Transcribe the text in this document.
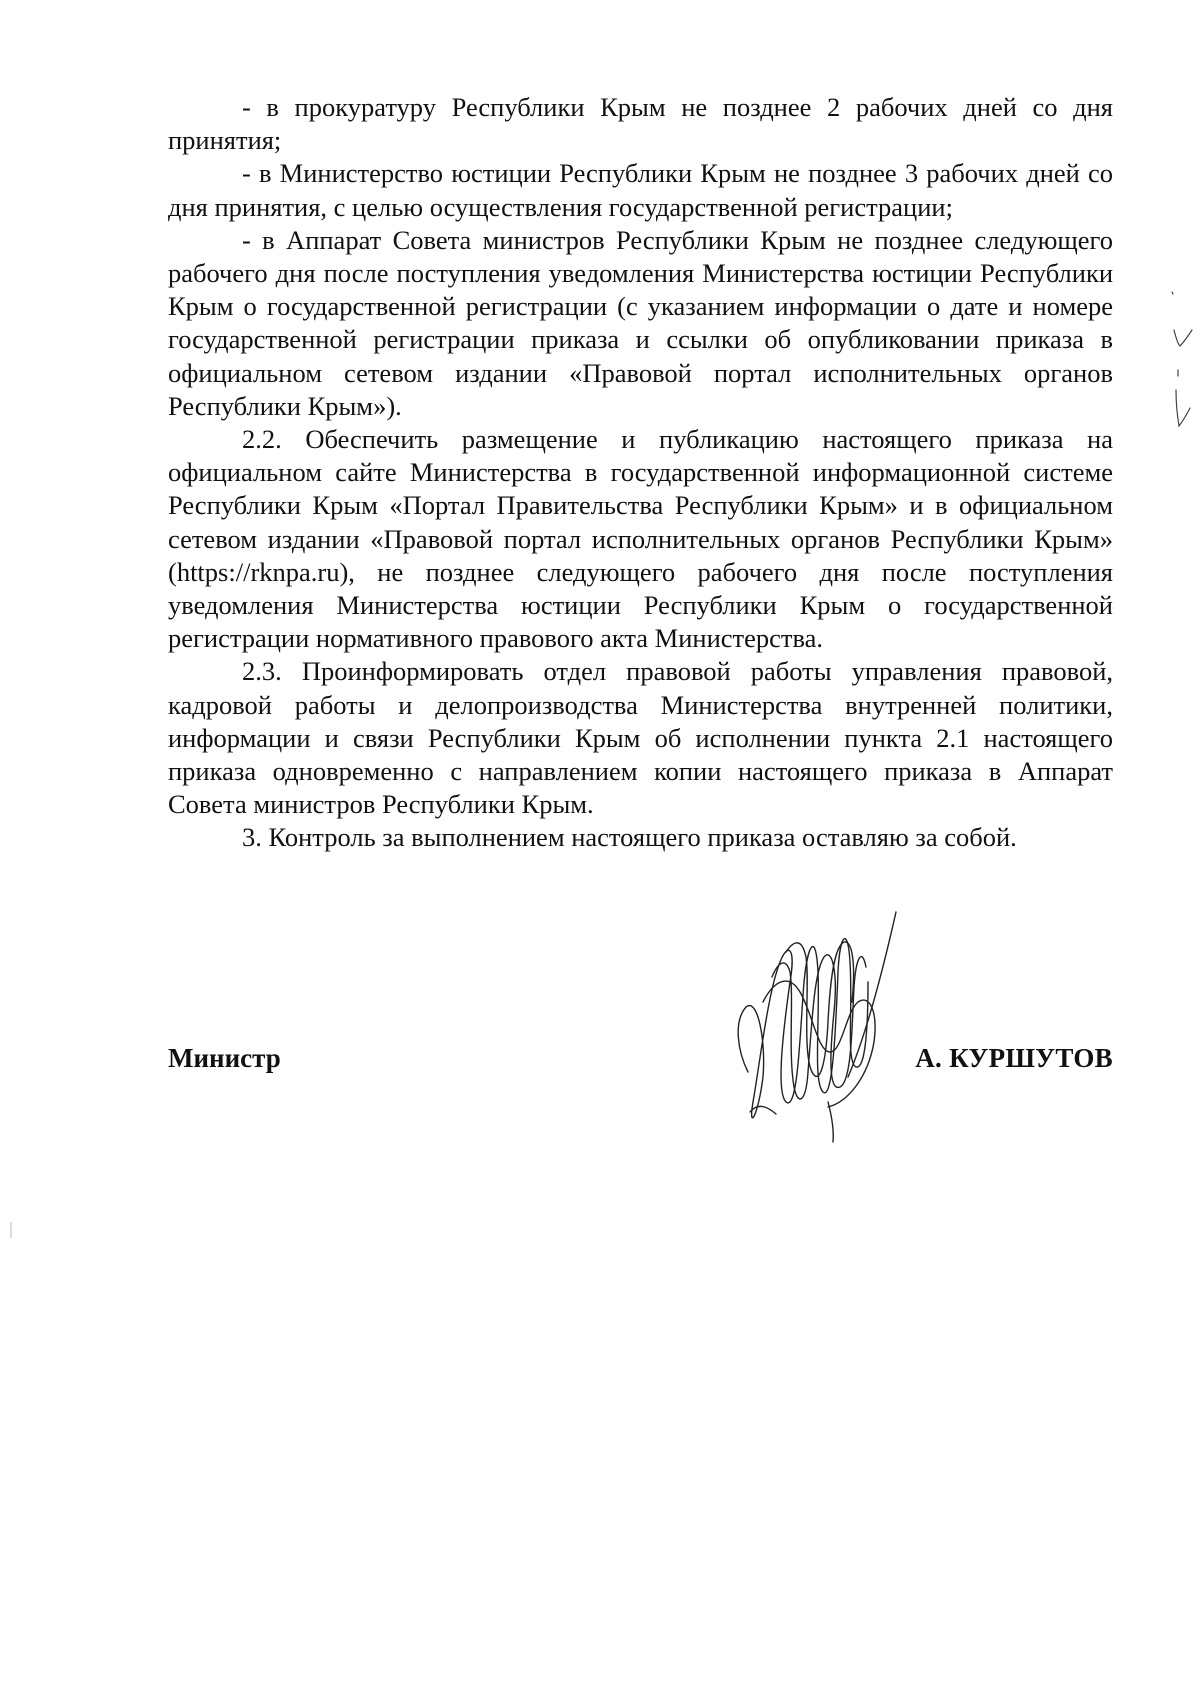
- в прокуратуру Республики Крым не позднее 2 рабочих дней со дня принятия;

- в Министерство юстиции Республики Крым не позднее 3 рабочих дней со дня принятия, с целью осуществления государственной регистрации;

- в Аппарат Совета министров Республики Крым не позднее следующего рабочего дня после поступления уведомления Министерства юстиции Республики Крым о государственной регистрации (с указанием информации о дате и номере государственной регистрации приказа и ссылки об опубликовании приказа в официальном сетевом издании «Правовой портал исполнительных органов Республики Крым»).

2.2. Обеспечить размещение и публикацию настоящего приказа на официальном сайте Министерства в государственной информационной системе Республики Крым «Портал Правительства Республики Крым» и в официальном сетевом издании «Правовой портал исполнительных органов Республики Крым» (https://rknpa.ru), не позднее следующего рабочего дня после поступления уведомления Министерства юстиции Республики Крым о государственной регистрации нормативного правового акта Министерства.

2.3. Проинформировать отдел правовой работы управления правовой, кадровой работы и делопроизводства Министерства внутренней политики, информации и связи Республики Крым об исполнении пункта 2.1 настоящего приказа одновременно с направлением копии настоящего приказа в Аппарат Совета министров Республики Крым.

3. Контроль за выполнением настоящего приказа оставляю за собой.

Министр	А. КУРШУТОВ
